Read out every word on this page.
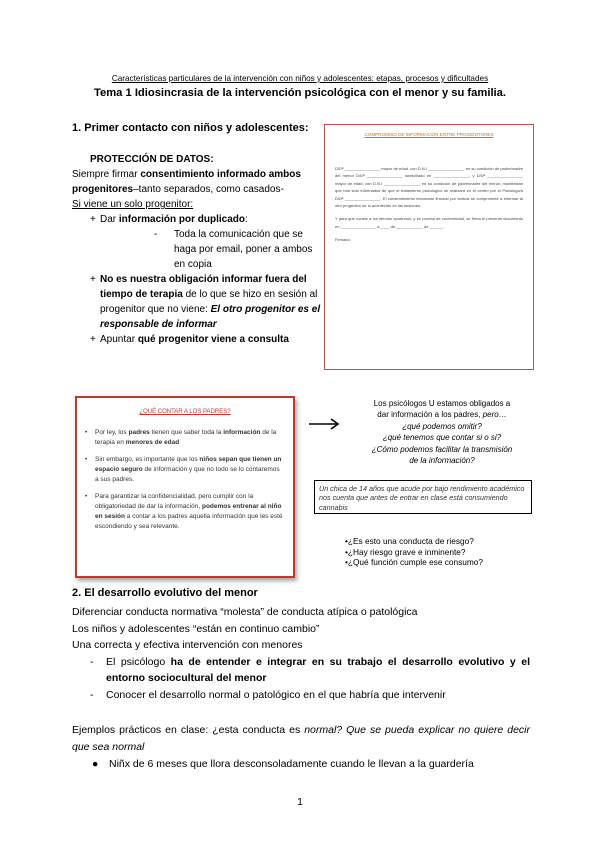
Características particulares de la intervención con niños y adolescentes: etapas, procesos y dificultades
Tema 1 Idiosincrasia de la intervención psicológica con el menor y su familia.
1. Primer contacto con niños y adolescentes:

PROTECCIÓN DE DATOS:

Siempre firmar consentimiento informado ambos progenitores–tanto separados, como casados-

Si viene un solo progenitor:

+ Dar información por duplicado:
-	Toda la comunicación que se haga por email, poner a ambos en copia
+ No es nuestra obligación informar fuera del tiempo de terapia de lo que se hizo en sesión al progenitor que no viene: El otro progenitor es el responsable de informar
+ Apuntar qué progenitor viene a consulta
COMPROMISO DE INFORMACIÓN ENTRE PROGENITORES

D/Dª ________________ mayor de edad, con D.N.I ________________, en su condición de padre/madre del menor D/Dª ________________ domiciliado en ________________, y D/Dª ________________ mayor de edad, con D.N.I ________________, en su condición de padre/madre del menor, manifiestan que han sido informados de que el tratamiento psicológico se realizará en el centro por el Psicólogo/a D/Dª ________________. El consentimiento informado firmado por ambos se compromete a informar al otro progenitor de lo acontecido en las sesiones.

Y para que conste a los efectos oportunos, y en prueba de conformidad, se firma el presente documento en ________________ a ____ de ____________ de ______.

Firmado:

¿QUÉ CONTAR A LOS PADRES?
•	Por ley, los padres tienen que saber toda la información de la terapia en menores de edad
•	Sin embargo, es importante que los niños sepan que tienen un espacio seguro de información y que no todo se lo contaremos a sus padres.
•	Para garantizar la confidencialidad, pero cumplir con la obligatoriedad de dar la información, podemos entrenar al niño en sesión a contar a los padres aquella información que les esté escondiendo y sea relevante.

Los psicólogos U estamos obligados a

dar información a los padres, pero…

¿qué podemos omitir?

¿qué tenemos que contar si o si?

¿Cómo podemos facilitar la transmisión

de la información?

Un chica de 14 años que acude por bajo rendimiento académico nos cuenta que antes de entrar en clase está consumiendo cannabis

•¿Es esto una conducta de riesgo?

•¿Hay riesgo grave e inminente?

•¿Qué función cumple ese consumo?

2. El desarrollo evolutivo del menor

Diferenciar conducta normativa “molesta” de conducta atípica o patológica

Los niños y adolescentes “están en continuo cambio”

Una correcta y efectiva intervención con menores

-	El psicólogo ha de entender e integrar en su trabajo el desarrollo evolutivo y el entorno sociocultural del menor
-	Conocer el desarrollo normal o patológico en el que habría que intervenir
Ejemplos prácticos en clase: ¿esta conducta es normal? Que se pueda explicar no quiere decir que sea normal
● Niñx de 6 meses que llora desconsoladamente cuando le llevan a la guardería
1
